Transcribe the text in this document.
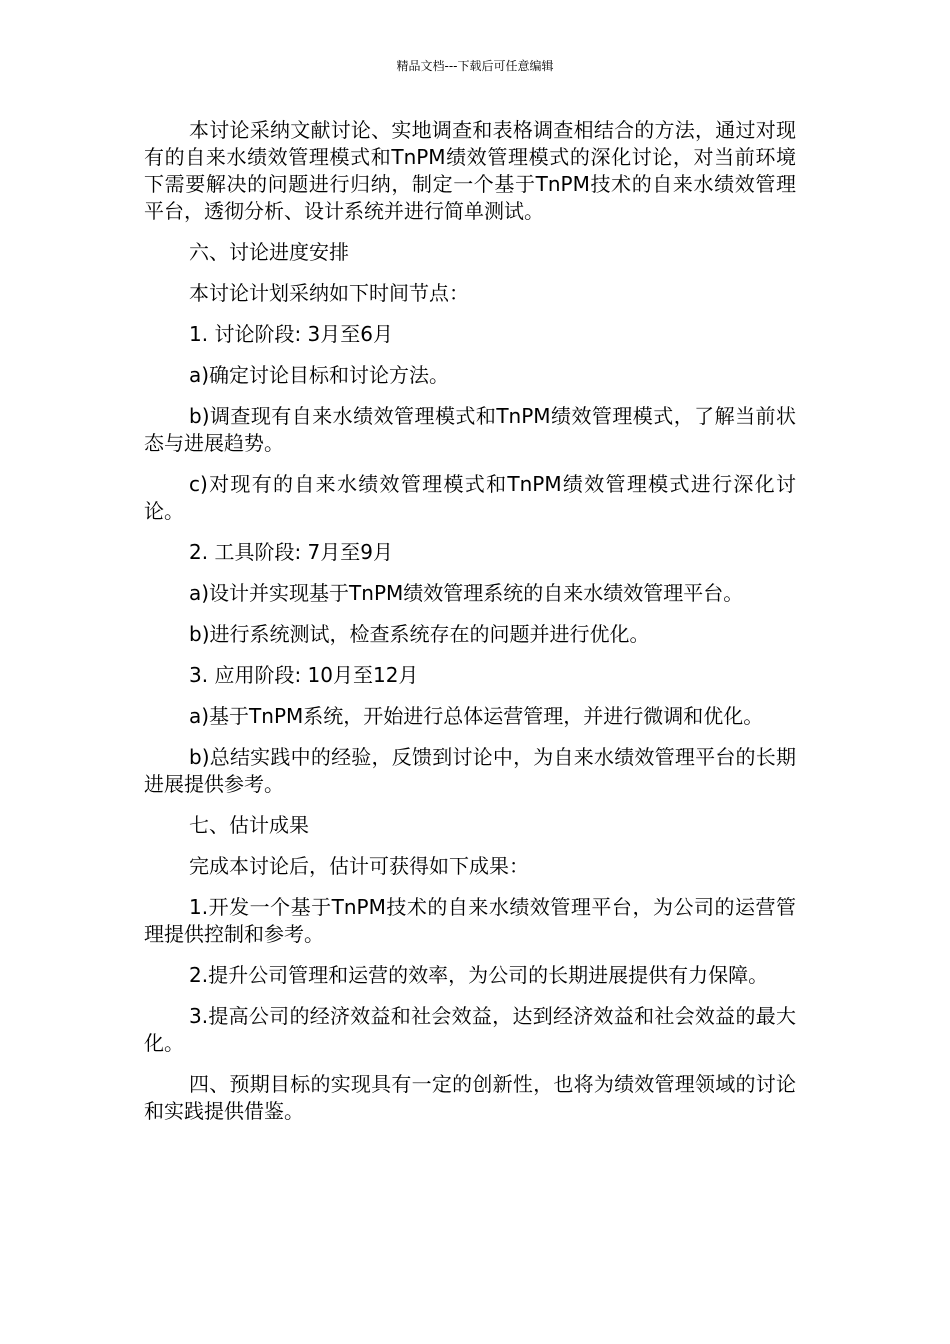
精品文档---下载后可任意编辑

本讨论采纳文献讨论、实地调查和表格调查相结合的方法，通过对现有的自来水绩效管理模式和TnPM绩效管理模式的深化讨论，对当前环境下需要解决的问题进行归纳，制定一个基于TnPM技术的自来水绩效管理平台，透彻分析、设计系统并进行简单测试。

六、讨论进度安排

本讨论计划采纳如下时间节点：

1. 讨论阶段: 3月至6月

a)确定讨论目标和讨论方法。

b)调查现有自来水绩效管理模式和TnPM绩效管理模式，了解当前状态与进展趋势。

c)对现有的自来水绩效管理模式和TnPM绩效管理模式进行深化讨论。

2. 工具阶段: 7月至9月

a)设计并实现基于TnPM绩效管理系统的自来水绩效管理平台。

b)进行系统测试，检查系统存在的问题并进行优化。

3. 应用阶段: 10月至12月

a)基于TnPM系统，开始进行总体运营管理，并进行微调和优化。

b)总结实践中的经验，反馈到讨论中，为自来水绩效管理平台的长期进展提供参考。

七、估计成果

完成本讨论后，估计可获得如下成果：

1.开发一个基于TnPM技术的自来水绩效管理平台，为公司的运营管理提供控制和参考。

2.提升公司管理和运营的效率，为公司的长期进展提供有力保障。

3.提高公司的经济效益和社会效益，达到经济效益和社会效益的最大化。

四、预期目标的实现具有一定的创新性，也将为绩效管理领域的讨论和实践提供借鉴。
